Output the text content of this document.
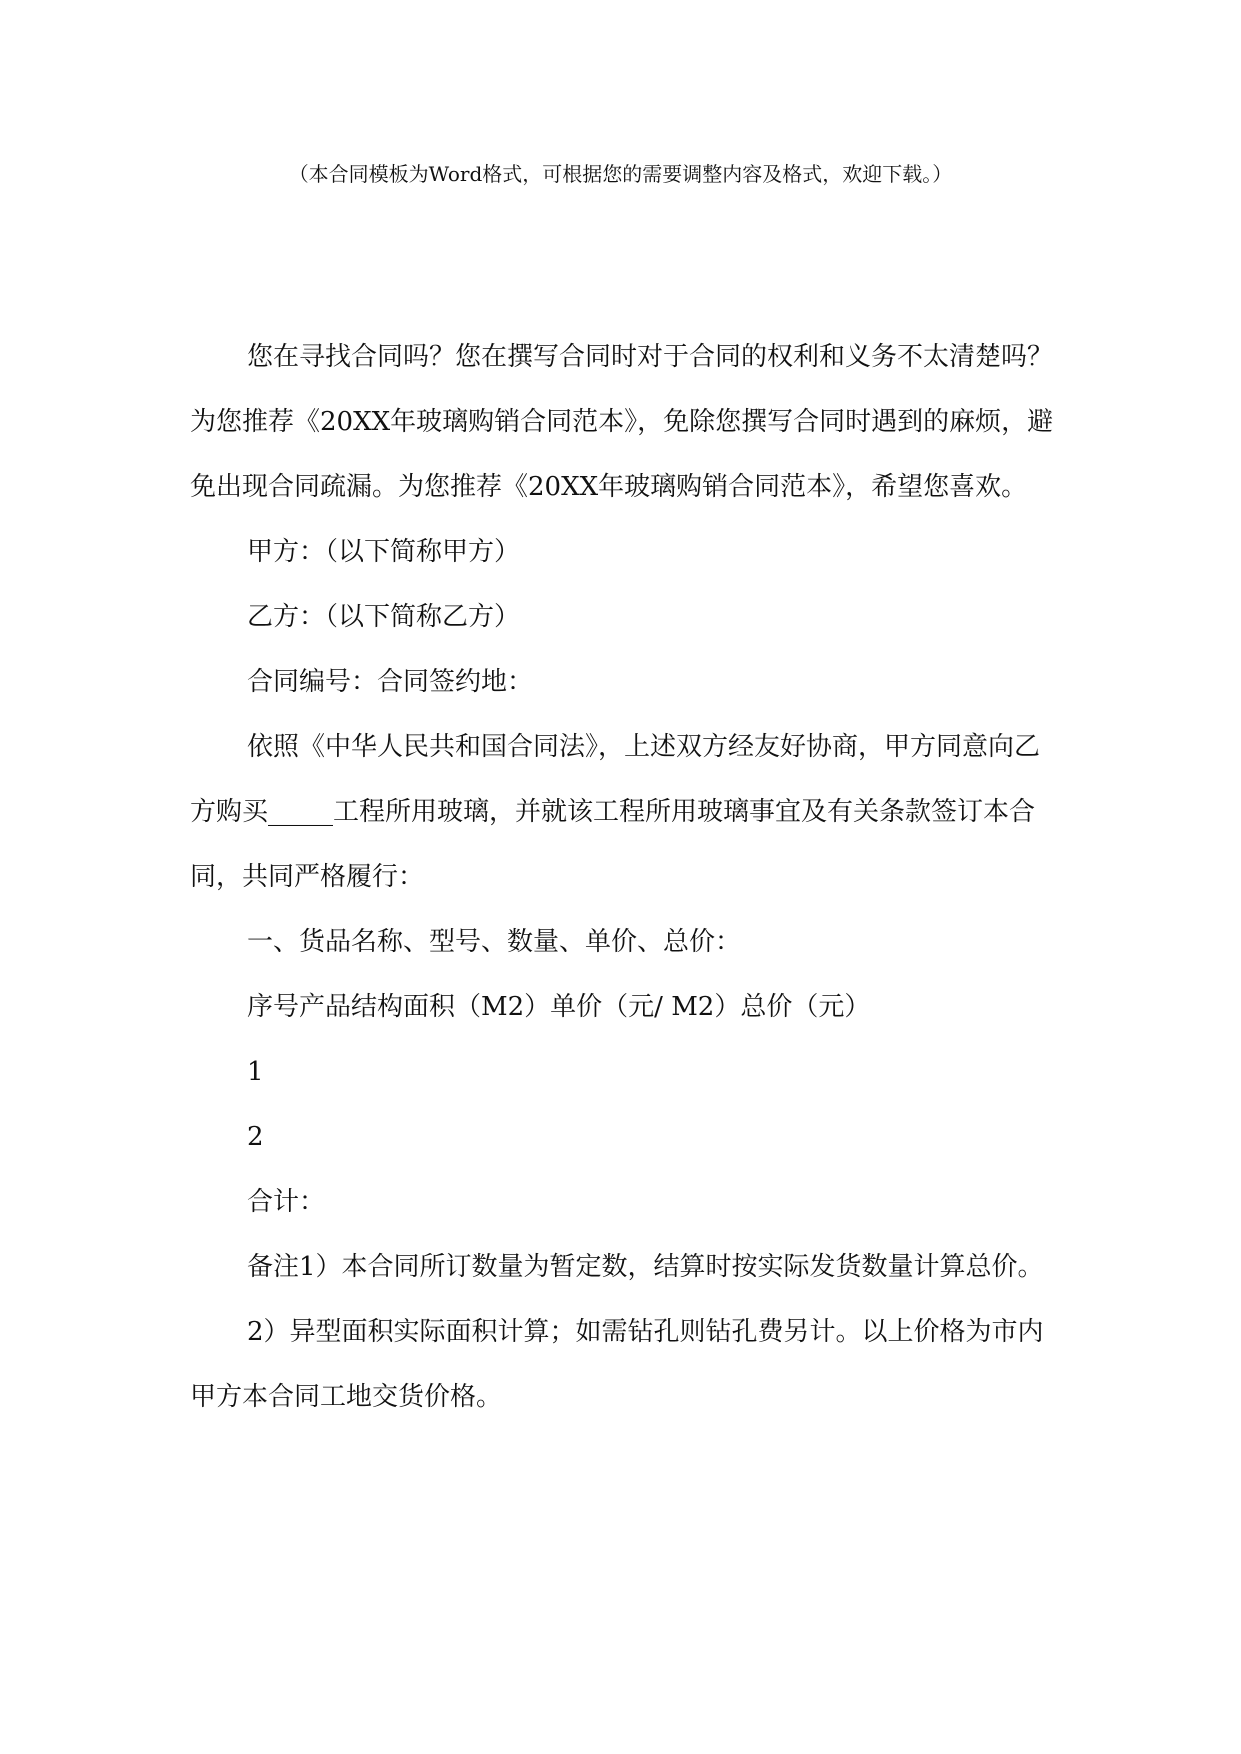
（本合同模板为Word格式，可根据您的需要调整内容及格式，欢迎下载。）

您在寻找合同吗？您在撰写合同时对于合同的权利和义务不太清楚吗？为您推荐《20XX年玻璃购销合同范本》，免除您撰写合同时遇到的麻烦，避免出现合同疏漏。为您推荐《20XX年玻璃购销合同范本》，希望您喜欢。

甲方：（以下简称甲方）

乙方：（以下简称乙方）

合同编号：合同签约地：

依照《中华人民共和国合同法》，上述双方经友好协商，甲方同意向乙方购买_____工程所用玻璃，并就该工程所用玻璃事宜及有关条款签订本合同，共同严格履行：

一、货品名称、型号、数量、单价、总价：

序号产品结构面积（M2）单价（元/ M2）总价（元）

1

2

合计：

备注1）本合同所订数量为暂定数，结算时按实际发货数量计算总价。

2）异型面积实际面积计算；如需钻孔则钻孔费另计。以上价格为市内甲方本合同工地交货价格。
